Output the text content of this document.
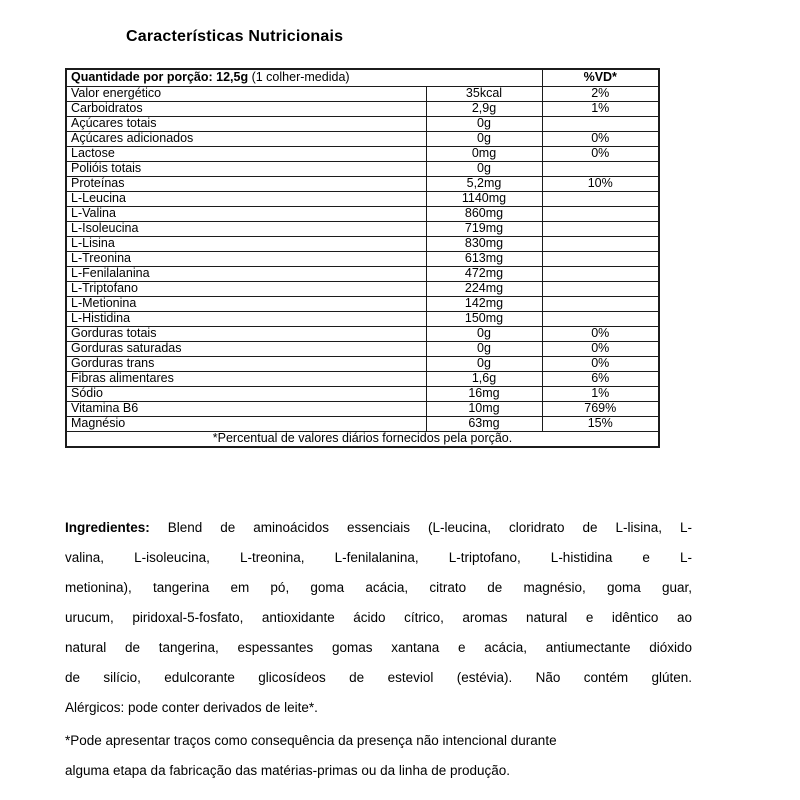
Características Nutricionais
Quantidade por porção: 12,5g (1 colher-medida)		%VD*
Valor energético	35kcal	2%
Carboidratos	2,9g	1%
Açúcares totais	0g	
Açúcares adicionados	0g	0%
Lactose	0mg	0%
Polióis totais	0g	
Proteínas	5,2mg	10%
L-Leucina	1140mg	
L-Valina	860mg	
L-Isoleucina	719mg	
L-Lisina	830mg	
L-Treonina	613mg	
L-Fenilalanina	472mg	
L-Triptofano	224mg	
L-Metionina	142mg	
L-Histidina	150mg	
Gorduras totais	0g	0%
Gorduras saturadas	0g	0%
Gorduras trans	0g	0%
Fibras alimentares	1,6g	6%
Sódio	16mg	1%
Vitamina B6	10mg	769%
Magnésio	63mg	15%
*Percentual de valores diários fornecidos pela porção.		
Ingredientes: Blend de aminoácidos essenciais (L-leucina, cloridrato de L-lisina, L-
valina, L-isoleucina, L-treonina, L-fenilalanina, L-triptofano, L-histidina e L-
metionina), tangerina em pó, goma acácia, citrato de magnésio, goma guar,
urucum, piridoxal-5-fosfato, antioxidante ácido cítrico, aromas natural e idêntico ao
natural de tangerina, espessantes gomas xantana e acácia, antiumectante dióxido
de silício, edulcorante glicosídeos de esteviol (estévia). Não contém glúten.
Alérgicos: pode conter derivados de leite*.
*Pode apresentar traços como consequência da presença não intencional durante
alguma etapa da fabricação das matérias-primas ou da linha de produção.
